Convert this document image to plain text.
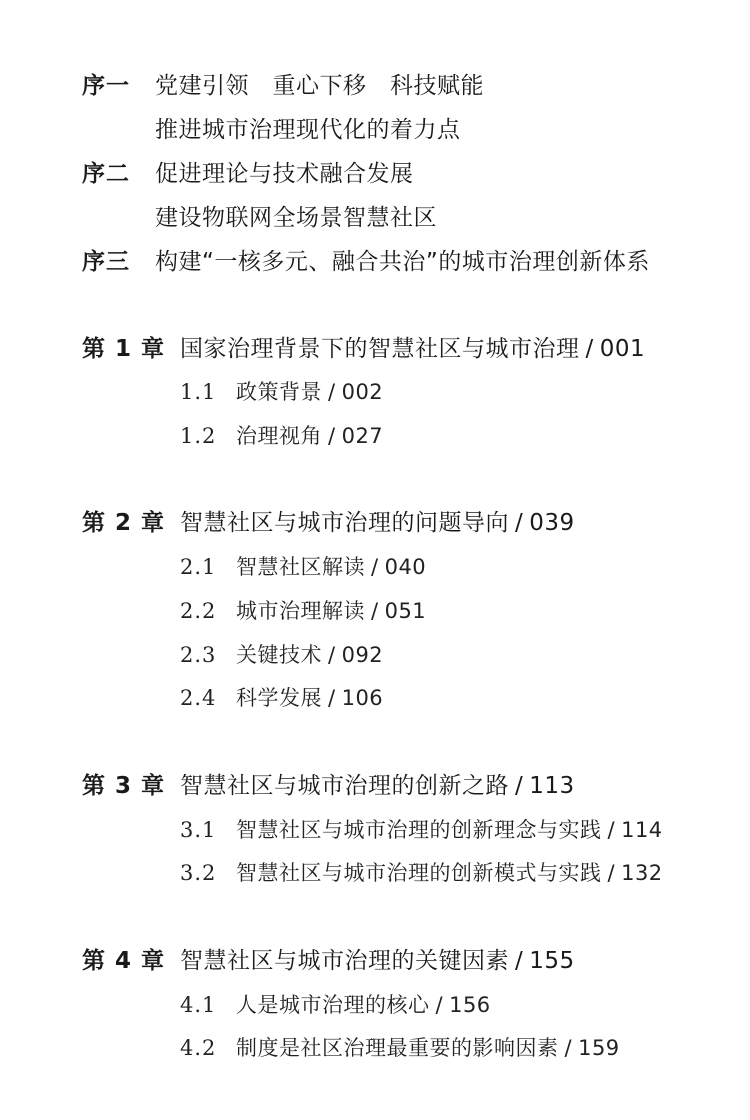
序一 党建引领　重心下移　科技赋能
推进城市治理现代化的着力点
序二 促进理论与技术融合发展
建设物联网全场景智慧社区
序三 构建“一核多元、融合共治”的城市治理创新体系
第 1 章 国家治理背景下的智慧社区与城市治理 / 001
1.1 政策背景 / 002
1.2 治理视角 / 027
第 2 章 智慧社区与城市治理的问题导向 / 039
2.1 智慧社区解读 / 040
2.2 城市治理解读 / 051
2.3 关键技术 / 092
2.4 科学发展 / 106
第 3 章 智慧社区与城市治理的创新之路 / 113
3.1 智慧社区与城市治理的创新理念与实践 / 114
3.2 智慧社区与城市治理的创新模式与实践 / 132
第 4 章 智慧社区与城市治理的关键因素 / 155
4.1 人是城市治理的核心 / 156
4.2 制度是社区治理最重要的影响因素 / 159
